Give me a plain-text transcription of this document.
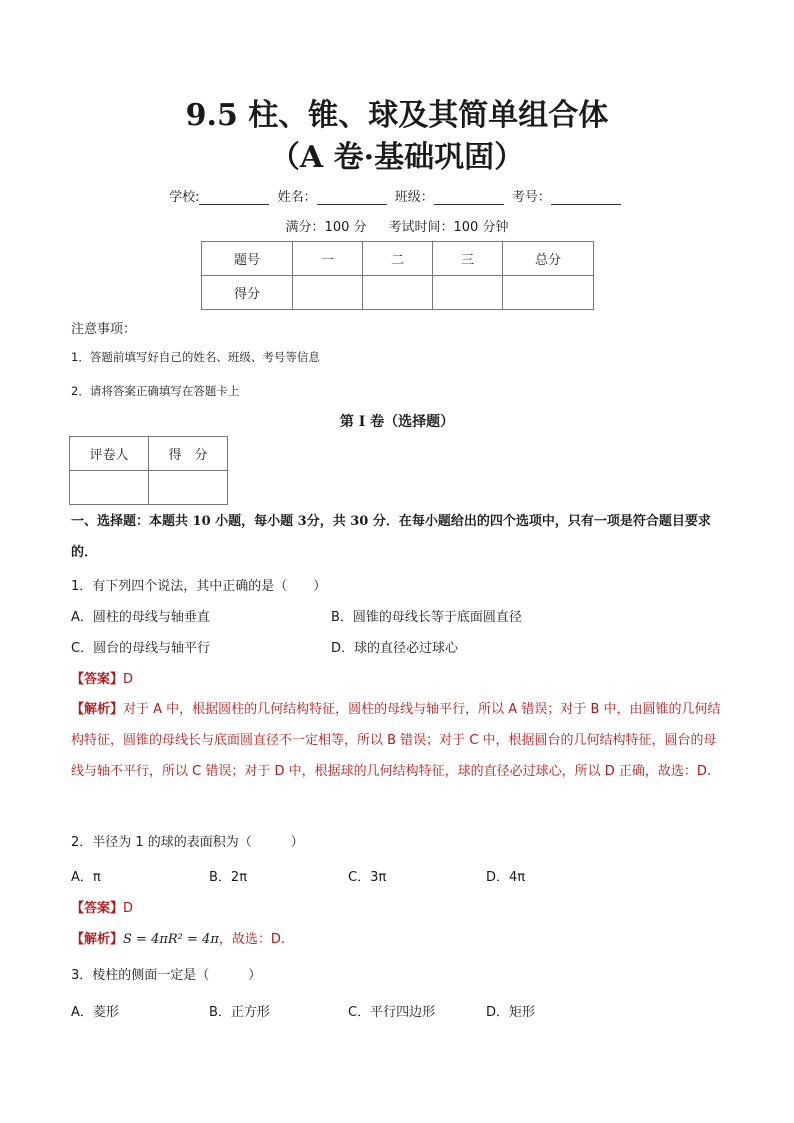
9.5 柱、锥、球及其简单组合体
（A 卷·基础巩固）
学校:	姓名：	班级：	考号：
满分：100 分 考试时间：100 分钟
题号	一	二	三	总分
得分				
注意事项：
1．答题前填写好自己的姓名、班级、考号等信息
2．请将答案正确填写在答题卡上
第 I 卷（选择题）
评卷人	得　分

一、选择题：本题共 10 小题，每小题 3分，共 30 分．在每小题给出的四个选项中，只有一项是符合题目要求的．
1．有下列四个说法，其中正确的是（　　）
A．圆柱的母线与轴垂直	B．圆锥的母线长等于底面圆直径
C．圆台的母线与轴平行	D．球的直径必过球心
【答案】D
【解析】对于 A 中，根据圆柱的几何结构特征，圆柱的母线与轴平行，所以 A 错误；对于 B 中，由圆锥的几何结构特征，圆锥的母线长与底面圆直径不一定相等，所以 B 错误；对于 C 中，根据圆台的几何结构特征，圆台的母线与轴不平行，所以 C 错误；对于 D 中，根据球的几何结构特征，球的直径必过球心，所以 D 正确，故选：D.
2．半径为 1 的球的表面积为（　　　）
A．π	B．2π	C．3π	D．4π
【答案】D
【解析】S = 4πR² = 4π，故选：D.
3．棱柱的侧面一定是（　　　）
A．菱形	B．正方形	C．平行四边形	D．矩形
